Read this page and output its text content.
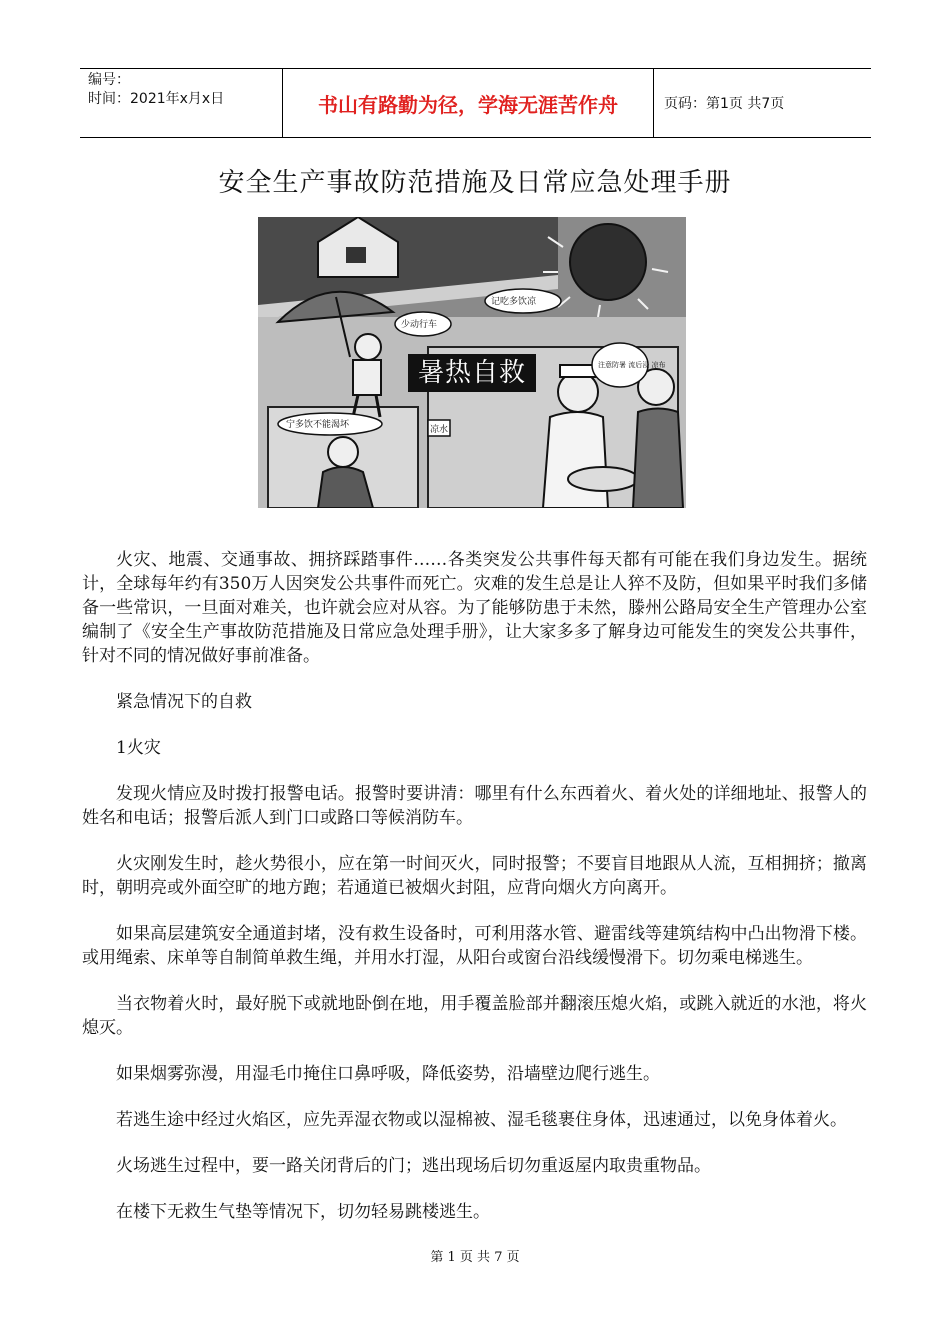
编号：
时间：2021年x月x日	书山有路勤为径，学海无涯苦作舟	页码：第1页 共7页
安全生产事故防范措施及日常应急处理手册
少动行车
记吃多饮凉
注意防暑 流后浸 凉布
宁多饮不能渴坏	凉水
暑热自救

火灾、地震、交通事故、拥挤踩踏事件……各类突发公共事件每天都有可能在我们身边发生。据统计，全球每年约有350万人因突发公共事件而死亡。灾难的发生总是让人猝不及防，但如果平时我们多储备一些常识，一旦面对难关，也许就会应对从容。为了能够防患于未然，滕州公路局安全生产管理办公室编制了《安全生产事故防范措施及日常应急处理手册》，让大家多多了解身边可能发生的突发公共事件，针对不同的情况做好事前准备。

紧急情况下的自救

1火灾

发现火情应及时拨打报警电话。报警时要讲清：哪里有什么东西着火、着火处的详细地址、报警人的姓名和电话；报警后派人到门口或路口等候消防车。

火灾刚发生时，趁火势很小，应在第一时间灭火，同时报警；不要盲目地跟从人流，互相拥挤；撤离时，朝明亮或外面空旷的地方跑；若通道已被烟火封阻，应背向烟火方向离开。

如果高层建筑安全通道封堵，没有救生设备时，可利用落水管、避雷线等建筑结构中凸出物滑下楼。或用绳索、床单等自制简单救生绳，并用水打湿，从阳台或窗台沿线缓慢滑下。切勿乘电梯逃生。

当衣物着火时，最好脱下或就地卧倒在地，用手覆盖脸部并翻滚压熄火焰，或跳入就近的水池，将火熄灭。

如果烟雾弥漫，用湿毛巾掩住口鼻呼吸，降低姿势，沿墙壁边爬行逃生。

若逃生途中经过火焰区，应先弄湿衣物或以湿棉被、湿毛毯裹住身体，迅速通过，以免身体着火。

火场逃生过程中，要一路关闭背后的门；逃出现场后切勿重返屋内取贵重物品。

在楼下无救生气垫等情况下，切勿轻易跳楼逃生。

第 1 页 共 7 页
